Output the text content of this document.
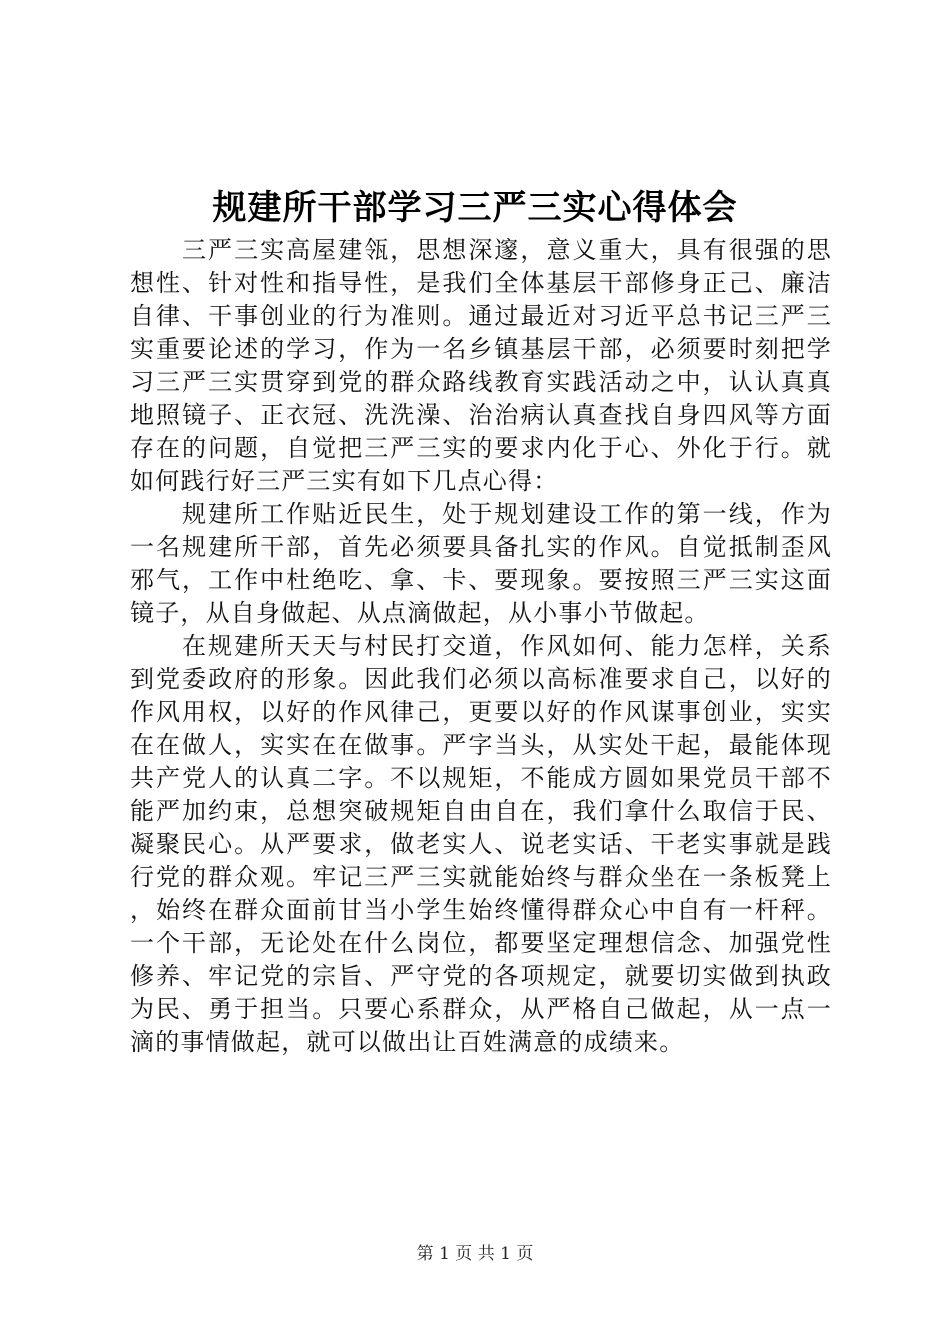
规建所干部学习三严三实心得体会

三严三实高屋建瓴，思想深邃，意义重大，具有很强的思想性、针对性和指导性，是我们全体基层干部修身正己、廉洁自律、干事创业的行为准则。通过最近对习近平总书记三严三实重要论述的学习，作为一名乡镇基层干部，必须要时刻把学习三严三实贯穿到党的群众路线教育实践活动之中，认认真真地照镜子、正衣冠、洗洗澡、治治病认真查找自身四风等方面存在的问题，自觉把三严三实的要求内化于心、外化于行。就如何践行好三严三实有如下几点心得：

规建所工作贴近民生，处于规划建设工作的第一线，作为一名规建所干部，首先必须要具备扎实的作风。自觉抵制歪风邪气，工作中杜绝吃、拿、卡、要现象。要按照三严三实这面镜子，从自身做起、从点滴做起，从小事小节做起。

在规建所天天与村民打交道，作风如何、能力怎样，关系到党委政府的形象。因此我们必须以高标准要求自己，以好的作风用权，以好的作风律己，更要以好的作风谋事创业，实实在在做人，实实在在做事。严字当头，从实处干起，最能体现共产党人的认真二字。不以规矩，不能成方圆如果党员干部不能严加约束，总想突破规矩自由自在，我们拿什么取信于民、凝聚民心。从严要求，做老实人、说老实话、干老实事就是践行党的群众观。牢记三严三实就能始终与群众坐在一条板凳上，始终在群众面前甘当小学生始终懂得群众心中自有一杆秤。一个干部，无论处在什么岗位，都要坚定理想信念、加强党性修养、牢记党的宗旨、严守党的各项规定，就要切实做到执政为民、勇于担当。只要心系群众，从严格自己做起，从一点一滴的事情做起，就可以做出让百姓满意的成绩来。

第 1 页 共 1 页
